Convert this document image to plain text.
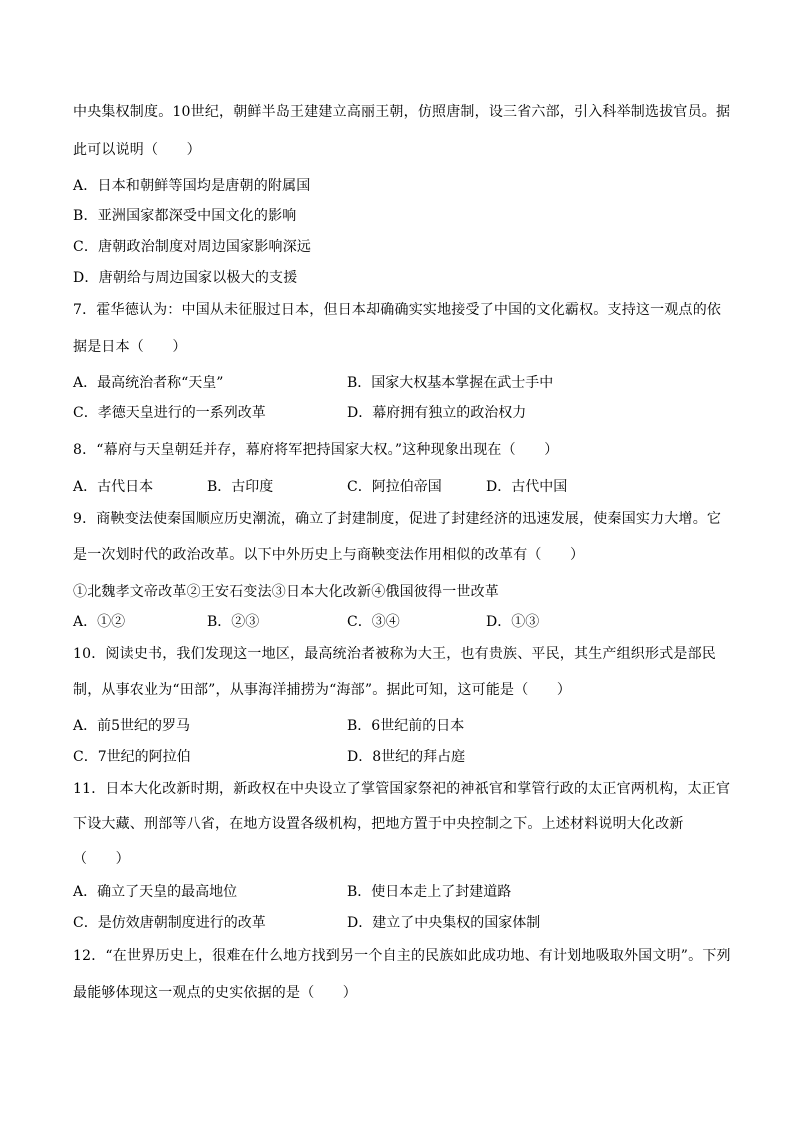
中央集权制度。10世纪，朝鲜半岛王建建立高丽王朝，仿照唐制，设三省六部，引入科举制选拔官员。据
此可以说明（　　）
A．日本和朝鲜等国均是唐朝的附属国
B．亚洲国家都深受中国文化的影响
C．唐朝政治制度对周边国家影响深远
D．唐朝给与周边国家以极大的支援
7．霍华德认为：中国从未征服过日本，但日本却确确实实地接受了中国的文化霸权。支持这一观点的依
据是日本（　　）
A．最高统治者称“天皇”	B．国家大权基本掌握在武士手中
C．孝德天皇进行的一系列改革	D．幕府拥有独立的政治权力
8．“幕府与天皇朝廷并存，幕府将军把持国家大权。”这种现象出现在（　　）
A．古代日本	B．古印度	C．阿拉伯帝国	D．古代中国
9．商鞅变法使秦国顺应历史潮流，确立了封建制度，促进了封建经济的迅速发展，使秦国实力大增。它
是一次划时代的政治改革。以下中外历史上与商鞅变法作用相似的改革有（　　）
①北魏孝文帝改革②王安石变法③日本大化改新④俄国彼得一世改革
A．①②	B．②③	C．③④	D．①③
10．阅读史书，我们发现这一地区，最高统治者被称为大王，也有贵族、平民，其生产组织形式是部民
制，从事农业为“田部”，从事海洋捕捞为“海部”。据此可知，这可能是（　　）
A．前5世纪的罗马	B．6世纪前的日本
C．7世纪的阿拉伯	D．8世纪的拜占庭
11．日本大化改新时期，新政权在中央设立了掌管国家祭祀的神祇官和掌管行政的太正官两机构，太正官
下设大藏、刑部等八省，在地方设置各级机构，把地方置于中央控制之下。上述材料说明大化改新
（　　）
A．确立了天皇的最高地位	B．使日本走上了封建道路
C．是仿效唐朝制度进行的改革	D．建立了中央集权的国家体制
12．“在世界历史上，很难在什么地方找到另一个自主的民族如此成功地、有计划地吸取外国文明”。下列
最能够体现这一观点的史实依据的是（　　）
